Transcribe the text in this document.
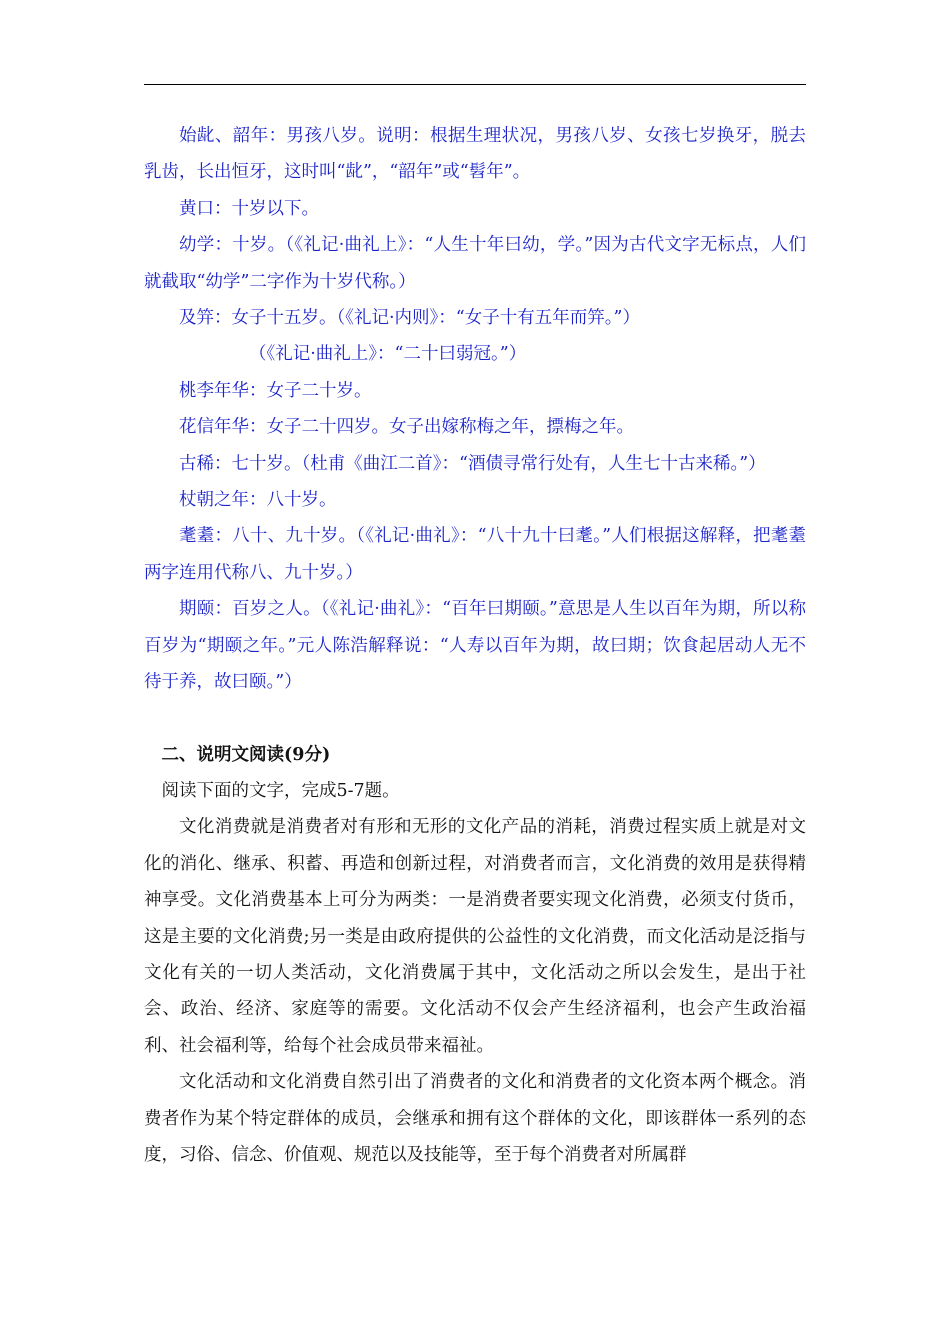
始龀、韶年：男孩八岁。说明：根据生理状况，男孩八岁、女孩七岁换牙，脱去乳齿，长出恒牙，这时叫“龀”，“韶年”或“髫年”。

黄口：十岁以下。

幼学：十岁。（《礼记·曲礼上》：“人生十年曰幼，学。”因为古代文字无标点，人们就截取“幼学”二字作为十岁代称。）

及笄：女子十五岁。（《礼记·内则》：“女子十有五年而笄。”）

（《礼记·曲礼上》：“二十曰弱冠。”）

桃李年华：女子二十岁。

花信年华：女子二十四岁。女子出嫁称梅之年，摽梅之年。

古稀：七十岁。（杜甫《曲江二首》：“酒债寻常行处有，人生七十古来稀。”）

杖朝之年：八十岁。

耄耋：八十、九十岁。（《礼记·曲礼》：“八十九十曰耄。”人们根据这解释，把耄耋两字连用代称八、九十岁。）

期颐：百岁之人。（《礼记·曲礼》：“百年曰期颐。”意思是人生以百年为期，所以称百岁为“期颐之年。”元人陈浩解释说：“人寿以百年为期，故曰期；饮食起居动人无不待于养，故曰颐。”）

二、说明文阅读(9分)

阅读下面的文字，完成5-7题。

文化消费就是消费者对有形和无形的文化产品的消耗，消费过程实质上就是对文化的消化、继承、积蓄、再造和创新过程，对消费者而言，文化消费的效用是获得精神享受。文化消费基本上可分为两类：一是消费者要实现文化消费，必须支付货币，这是主要的文化消费;另一类是由政府提供的公益性的文化消费，而文化活动是泛指与文化有关的一切人类活动，文化消费属于其中，文化活动之所以会发生，是出于社会、政治、经济、家庭等的需要。文化活动不仅会产生经济福利，也会产生政治福利、社会福利等，给每个社会成员带来福祉。

文化活动和文化消费自然引出了消费者的文化和消费者的文化资本两个概念。消费者作为某个特定群体的成员，会继承和拥有这个群体的文化，即该群体一系列的态度，习俗、信念、价值观、规范以及技能等，至于每个消费者对所属群
